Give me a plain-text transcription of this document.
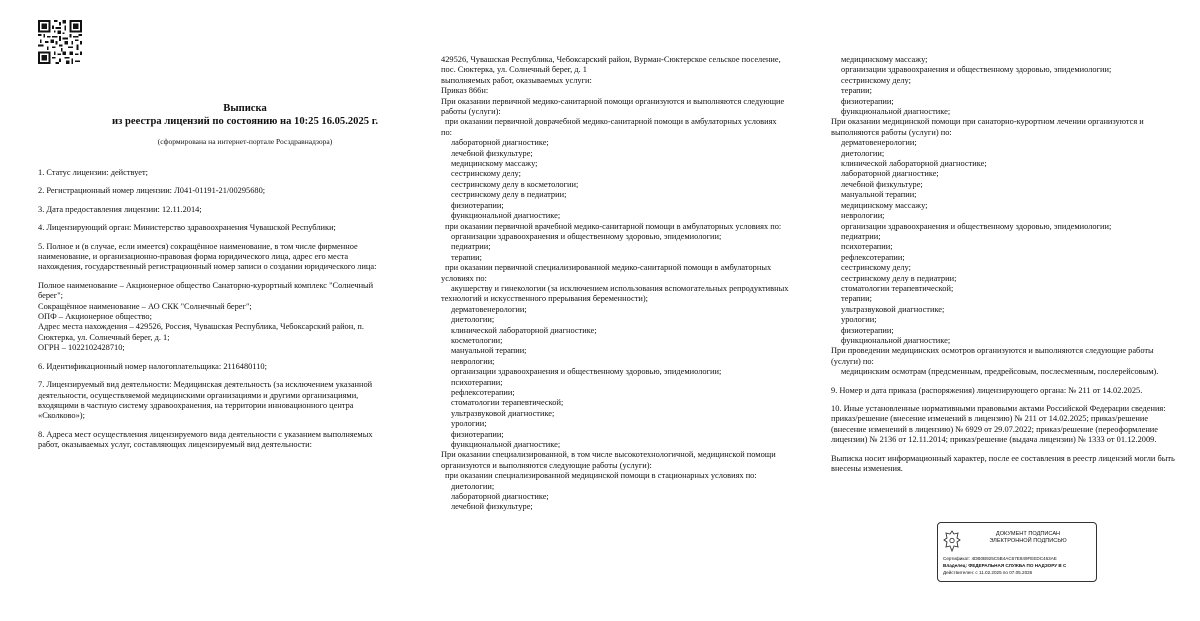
Выписка
из реестра лицензий по состоянию на 10:25 16.05.2025 г.
(сформирована на интернет-портале Росздравнадзора)

1. Статус лицензии: действует;

2. Регистрационный номер лицензии: Л041-01191-21/00295680;

3. Дата предоставления лицензии: 12.11.2014;

4. Лицензирующий орган: Министерство здравоохранения Чувашской Республики;

5. Полное и (в случае, если имеется) сокращённое наименование, в том числе фирменное
наименование, и организационно-правовая форма юридического лица, адрес его места
нахождения, государственный регистрационный номер записи о создании юридического лица:

Полное наименование – Акционерное общество Санаторно-курортный комплекс "Солнечный
берег";
Сокращённое наименование – АО СКК "Солнечный берег";
ОПФ – Акционерное общество;
Адрес места нахождения – 429526, Россия, Чувашская Республика, Чебоксарский район, п.
Сюктерка, ул. Солнечный берег, д. 1;
ОГРН – 1022102428710;

6. Идентификационный номер налогоплательщика: 2116480110;

7. Лицензируемый вид деятельности: Медицинская деятельность (за исключением указанной
деятельности, осуществляемой медицинскими организациями и другими организациями,
входящими в частную систему здравоохранения, на территории инновационного центра
«Сколково»);

8. Адреса мест осуществления лицензируемого вида деятельности с указанием выполняемых
работ, оказываемых услуг, составляющих лицензируемый вид деятельности:

429526, Чувашская Республика, Чебоксарский район, Вурман-Сюктерское сельское поселение,
пос. Сюктерка, ул. Солнечный берег, д. 1
выполняемых работ, оказываемых услуги:
Приказ 866н:
При оказании первичной медико-санитарной помощи организуются и выполняются следующие
работы (услуги):
при оказании первичной доврачебной медико-санитарной помощи в амбулаторных условиях
по:
лабораторной диагностике;
лечебной физкультуре;
медицинскому массажу;
сестринскому делу;
сестринскому делу в косметологии;
сестринскому делу в педиатрии;
физиотерапии;
функциональной диагностике;
при оказании первичной врачебной медико-санитарной помощи в амбулаторных условиях по:
организации здравоохранения и общественному здоровью, эпидемиологии;
педиатрии;
терапии;
при оказании первичной специализированной медико-санитарной помощи в амбулаторных
условиях по:
акушерству и гинекологии (за исключением использования вспомогательных репродуктивных
технологий и искусственного прерывания беременности);
дерматовенерологии;
диетологии;
клинической лабораторной диагностике;
косметологии;
мануальной терапии;
неврологии;
организации здравоохранения и общественному здоровью, эпидемиологии;
психотерапии;
рефлексотерапии;
стоматологии терапевтической;
ультразвуковой диагностике;
урологии;
физиотерапии;
функциональной диагностике;
При оказании специализированной, в том числе высокотехнологичной, медицинской помощи
организуются и выполняются следующие работы (услуги):
при оказании специализированной медицинской помощи в стационарных условиях по:
диетологии;
лабораторной диагностике;
лечебной физкультуре;
медицинскому массажу;
организации здравоохранения и общественному здоровью, эпидемиологии;
сестринскому делу;
терапии;
физиотерапии;
функциональной диагностике;
При оказании медицинской помощи при санаторно-курортном лечении организуются и
выполняются работы (услуги) по:
дерматовенерологии;
диетологии;
клинической лабораторной диагностике;
лабораторной диагностике;
лечебной физкультуре;
мануальной терапии;
медицинскому массажу;
неврологии;
организации здравоохранения и общественному здоровью, эпидемиологии;
педиатрии;
психотерапии;
рефлексотерапии;
сестринскому делу;
сестринскому делу в педиатрии;
стоматологии терапевтической;
терапии;
ультразвуковой диагностике;
урологии;
физиотерапии;
функциональной диагностике;
При проведении медицинских осмотров организуются и выполняются следующие работы
(услуги) по:
медицинским осмотрам (предсменным, предрейсовым, послесменным, послерейсовым).

9. Номер и дата приказа (распоряжения) лицензирующего органа: № 211 от 14.02.2025.

10. Иные установленные нормативными правовыми актами Российской Федерации сведения:
приказ/решение (внесение изменений в лицензию) № 211 от 14.02.2025; приказ/решение
(внесение изменений в лицензию) № 6929 от 29.07.2022; приказ/решение (переоформление
лицензии) № 2136 от 12.11.2014; приказ/решение (выдача лицензии) № 1333 от 01.12.2009.

Выписка носит информационный характер, после ее составления в реестр лицензий могли быть
внесены изменения.

ДОКУМЕНТ ПОДПИСАН
ЭЛЕКТРОННОЙ ПОДПИСЬЮ
Сертификат: 4DB0B925C5B4AC67E849FEEDC463AE
Владелец: ФЕДЕРАЛЬНАЯ СЛУЖБА ПО НАДЗОРУ В С
Действителен: с 11.02.2025 по 07.05.2026
